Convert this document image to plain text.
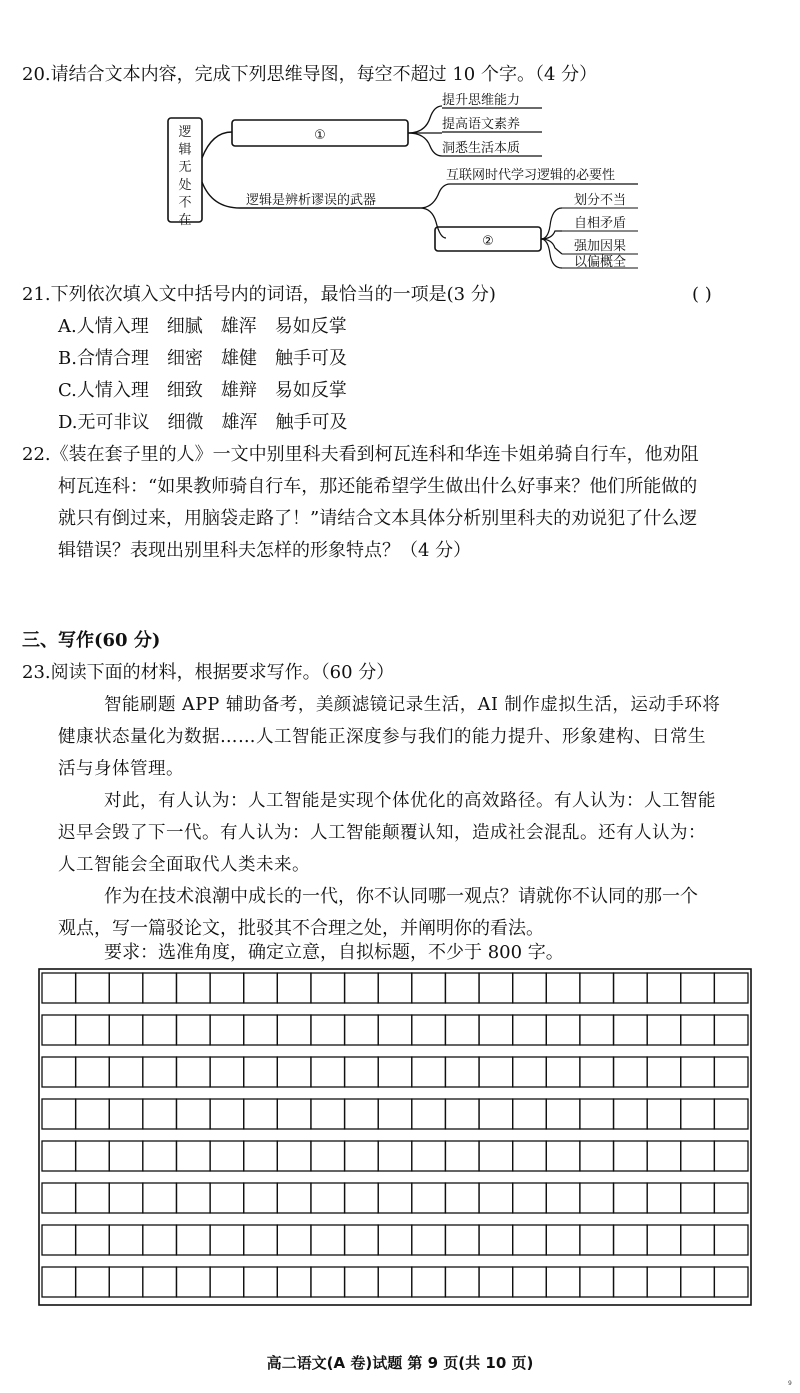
20.请结合文本内容，完成下列思维导图，每空不超过 10 个字。（4 分）
逻
辑
无
处
不
在
①
提升思维能力
提高语文素养
洞悉生活本质
逻辑是辨析谬误的武器
互联网时代学习逻辑的必要性
②
划分不当
自相矛盾
强加因果
以偏概全
21.下列依次填入文中括号内的词语，最恰当的一项是(3 分)	( )
A.人情入理 细腻 雄浑 易如反掌
B.合情合理 细密 雄健 触手可及
C.人情入理 细致 雄辩 易如反掌
D.无可非议 细微 雄浑 触手可及
22.《装在套子里的人》一文中别里科夫看到柯瓦连科和华连卡姐弟骑自行车，他劝阻
柯瓦连科：“如果教师骑自行车，那还能希望学生做出什么好事来？他们所能做的
就只有倒过来，用脑袋走路了！”请结合文本具体分析别里科夫的劝说犯了什么逻
辑错误？表现出别里科夫怎样的形象特点？（4 分）
三、写作(60 分)
23.阅读下面的材料，根据要求写作。（60 分）
智能刷题 APP 辅助备考，美颜滤镜记录生活，AI 制作虚拟生活，运动手环将
健康状态量化为数据……人工智能正深度参与我们的能力提升、形象建构、日常生
活与身体管理。
对此，有人认为：人工智能是实现个体优化的高效路径。有人认为：人工智能
迟早会毁了下一代。有人认为：人工智能颠覆认知，造成社会混乱。还有人认为：
人工智能会全面取代人类未来。
作为在技术浪潮中成长的一代，你不认同哪一观点？请就你不认同的那一个
观点，写一篇驳论文，批驳其不合理之处，并阐明你的看法。
要求：选准角度，确定立意，自拟标题，不少于 800 字。
高二语文(A 卷)试题 第 9 页(共 10 页)
9
